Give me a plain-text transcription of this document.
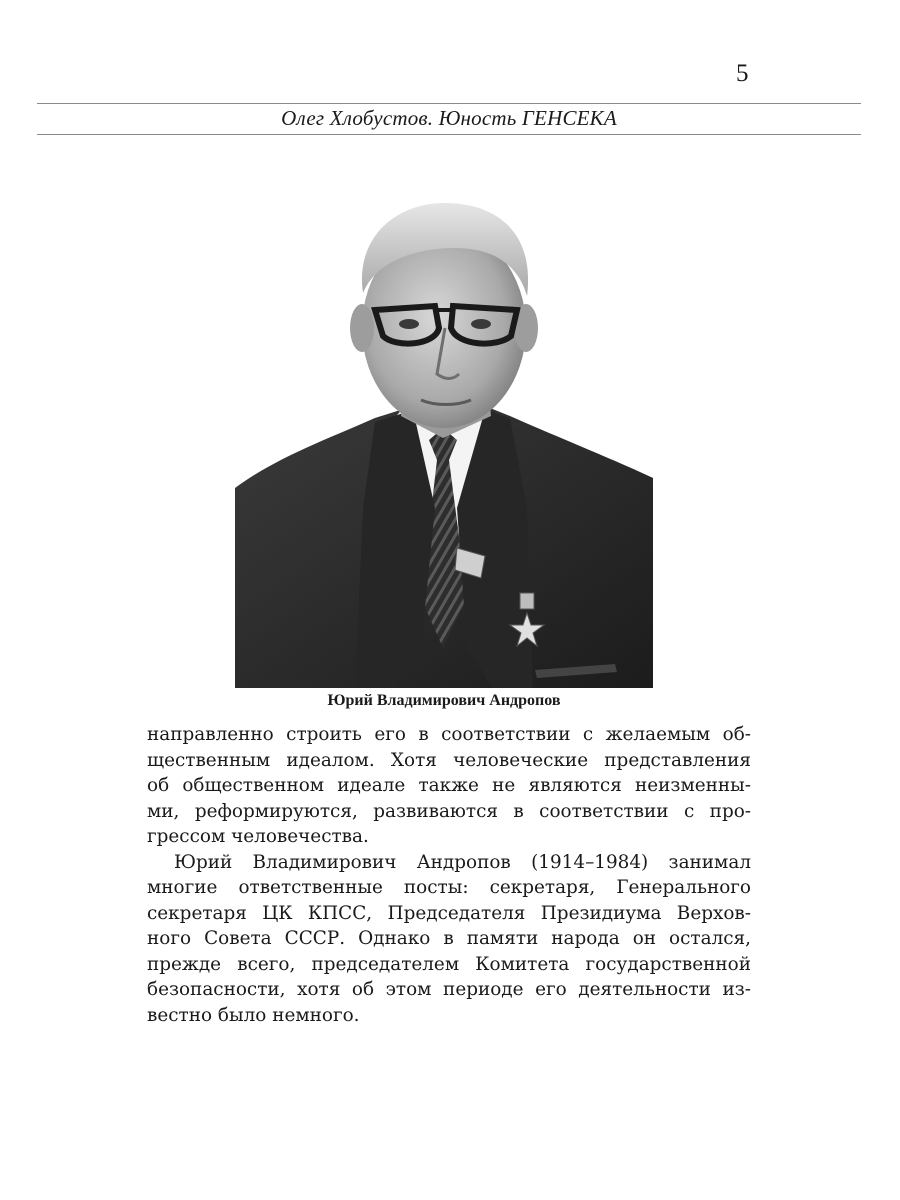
5
Олег Хлобустов. Юность ГЕНСЕКА
Юрий Владимирович Андропов
направленно строить его в соответствии с желаемым об-
щественным идеалом. Хотя человеческие представления
об общественном идеале также не являются неизменны-
ми, реформируются, развиваются в соответствии с про-
грессом человечества.
Юрий Владимирович Андропов (1914–1984) занимал
многие ответственные посты: секретаря, Генерального
секретаря ЦК КПСС, Председателя Президиума Верхов-
ного Совета СССР. Однако в памяти народа он остался,
прежде всего, председателем Комитета государственной
безопасности, хотя об этом периоде его деятельности из-
вестно было немного.
